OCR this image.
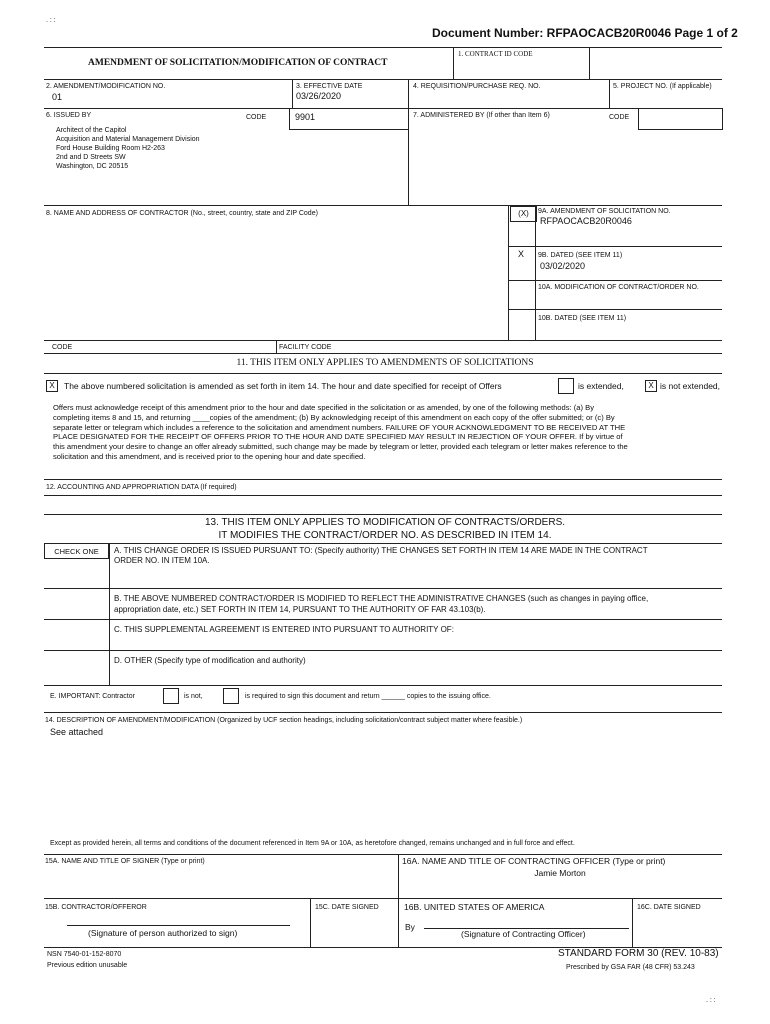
. : :
Document Number: RFPAOCACB20R0046 Page 1 of 2
AMENDMENT OF SOLICITATION/MODIFICATION OF CONTRACT
1. CONTRACT ID CODE
2. AMENDMENT/MODIFICATION NO.
01
3. EFFECTIVE DATE
03/26/2020
4. REQUISITION/PURCHASE REQ. NO.	5. PROJECT NO. (If applicable)
6. ISSUED BY	CODE	9901
Architect of the Capitol
Acquisition and Material Management Division
Ford House Building Room H2-263
2nd and D Streets SW
Washington, DC 20515
7. ADMINISTERED BY (If other than Item 6)	CODE
8. NAME AND ADDRESS OF CONTRACTOR (No., street, country, state and ZIP Code)	(X)	9A. AMENDMENT OF SOLICITATION NO.
RFPAOCACB20R0046
X 9B. DATED (SEE ITEM 11)
03/02/2020
10A. MODIFICATION OF CONTRACT/ORDER NO.
10B. DATED (SEE ITEM 11)
CODE	FACILITY CODE
11. THIS ITEM ONLY APPLIES TO AMENDMENTS OF SOLICITATIONS
X	The above numbered solicitation is amended as set forth in item 14. The hour and date specified for receipt of Offers	is extended,	X is not extended,
Offers must acknowledge receipt of this amendment prior to the hour and date specified in the solicitation or as amended, by one of the following methods: (a) By
completing items 8 and 15, and returning ____copies of the amendment; (b) By acknowledging receipt of this amendment on each copy of the offer submitted; or (c) By
separate letter or telegram which includes a reference to the solicitation and amendment numbers. FAILURE OF YOUR ACKNOWLEDGMENT TO BE RECEIVED AT THE
PLACE DESIGNATED FOR THE RECEIPT OF OFFERS PRIOR TO THE HOUR AND DATE SPECIFIED MAY RESULT IN REJECTION OF YOUR OFFER. If by virtue of
this amendment your desire to change an offer already submitted, such change may be made by telegram or letter, provided each telegram or letter makes reference to the
solicitation and this amendment, and is received prior to the opening hour and date specified.
12. ACCOUNTING AND APPROPRIATION DATA (If required)
13. THIS ITEM ONLY APPLIES TO MODIFICATION OF CONTRACTS/ORDERS.
IT MODIFIES THE CONTRACT/ORDER NO. AS DESCRIBED IN ITEM 14.
CHECK ONE	A. THIS CHANGE ORDER IS ISSUED PURSUANT TO: (Specify authority) THE CHANGES SET FORTH IN ITEM 14 ARE MADE IN THE CONTRACT
ORDER NO. IN ITEM 10A.
B. THE ABOVE NUMBERED CONTRACT/ORDER IS MODIFIED TO REFLECT THE ADMINISTRATIVE CHANGES (such as changes in paying office,
appropriation date, etc.) SET FORTH IN ITEM 14, PURSUANT TO THE AUTHORITY OF FAR 43.103(b).
C. THIS SUPPLEMENTAL AGREEMENT IS ENTERED INTO PURSUANT TO AUTHORITY OF:
D. OTHER (Specify type of modification and authority)
E. IMPORTANT: Contractor	is not,	is required to sign this document and return ______ copies to the issuing office.
14. DESCRIPTION OF AMENDMENT/MODIFICATION (Organized by UCF section headings, including solicitation/contract subject matter where feasible.)
See attached
Except as provided herein, all terms and conditions of the document referenced in Item 9A or 10A, as heretofore changed, remains unchanged and in full force and effect.
15A. NAME AND TITLE OF SIGNER (Type or print)	16A. NAME AND TITLE OF CONTRACTING OFFICER (Type or print)
Jamie Morton
15B. CONTRACTOR/OFFEROR	15C. DATE SIGNED	16B. UNITED STATES OF AMERICA	16C. DATE SIGNED
(Signature of person authorized to sign)
By
(Signature of Contracting Officer)
NSN 7540-01-152-8070
Previous edition unusable
STANDARD FORM 30 (REV. 10-83)
Prescribed by GSA FAR (48 CFR) 53.243
. : :
